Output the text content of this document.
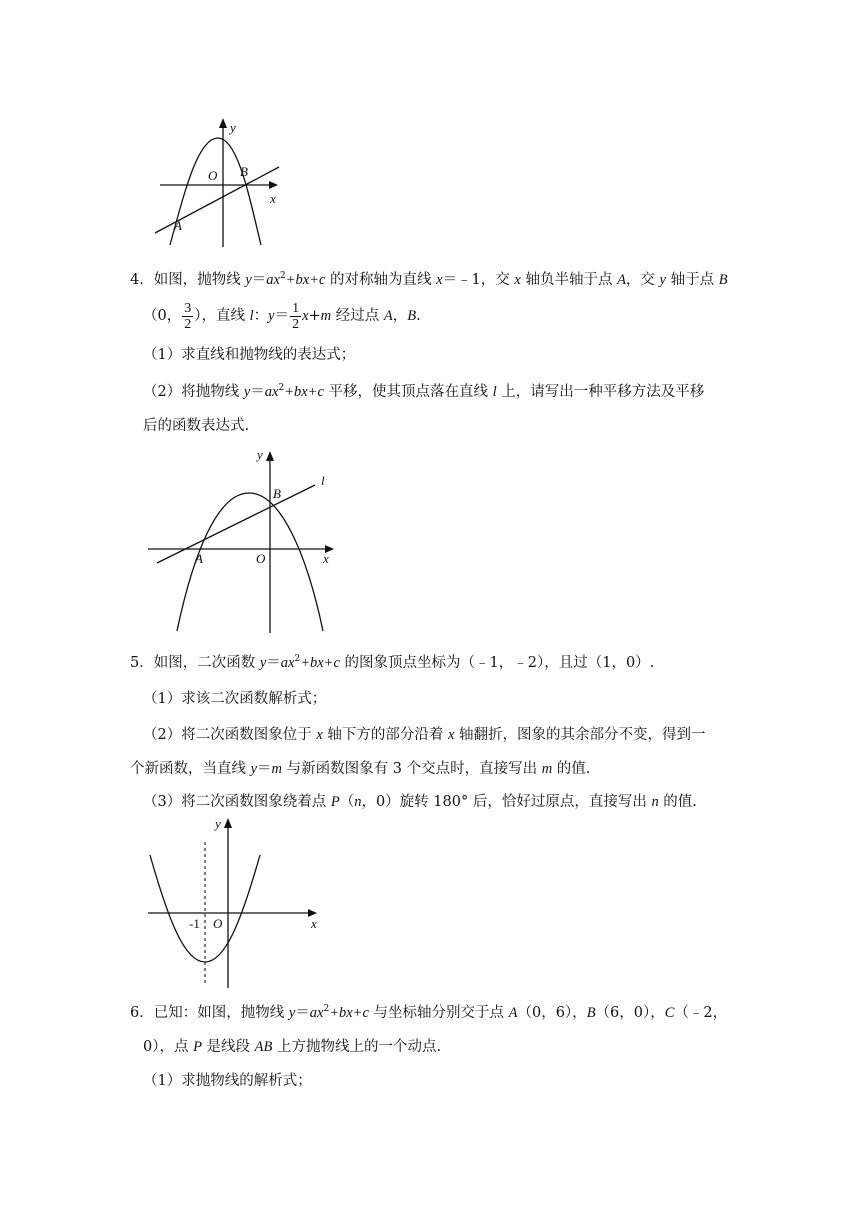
y
x
O B
A
4．如图，抛物线 $y=ax^2+bx+c$ 的对称轴为直线 x＝﹣1，交 x 轴负半轴于点 A，交 y 轴于点 B
（0， $\frac{3}{2}$ ），直线 l：$y= \frac{1}{2} x+m$ 经过点 A，B.
（1）求直线和抛物线的表达式；
（2）将抛物线 $y=ax^2+bx+c$ 平移，使其顶点落在直线 l 上，请写出一种平移方法及平移
后的函数表达式.
y
l
B
A	O	x
5．如图，二次函数 $y=ax^2+bx+c$ 的图象顶点坐标为（﹣1，﹣2），且过（1，0）.
（1）求该二次函数解析式；
（2）将二次函数图象位于 x 轴下方的部分沿着 x 轴翻折，图象的其余部分不变，得到一
个新函数，当直线 y＝m 与新函数图象有 3 个交点时，直接写出 m 的值.
（3）将二次函数图象绕着点 P（n，0）旋转 180° 后，恰好过原点，直接写出 n 的值.
y
-1 O	x
6．已知：如图，抛物线 $y=ax^2+bx+c$ 与坐标轴分别交于点 A（0，6），B（6，0），C（﹣2，
0），点 P 是线段 AB 上方抛物线上的一个动点.
（1）求抛物线的解析式；
